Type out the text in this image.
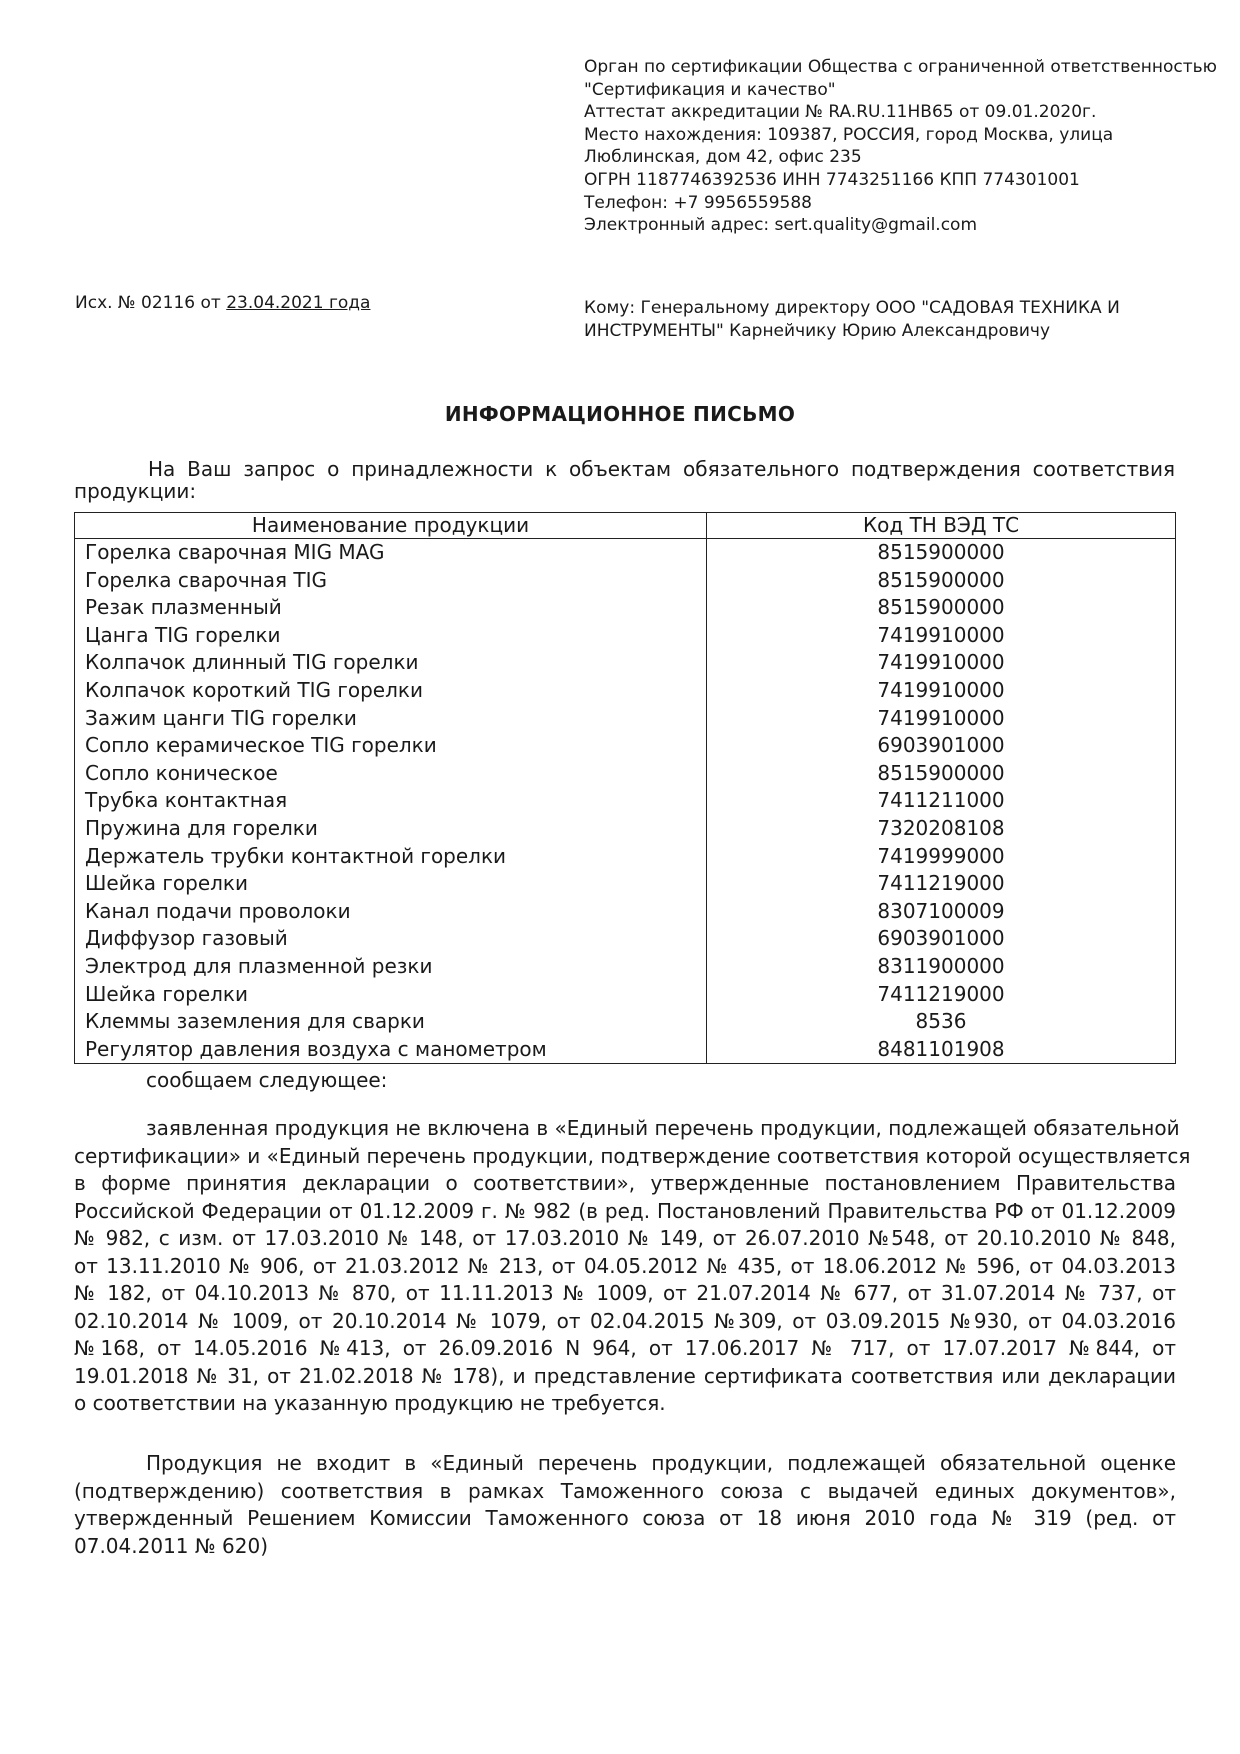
Орган по сертификации Общества с ограниченной ответственностью
"Сертификация и качество"
Аттестат аккредитации № RA.RU.11HB65 от 09.01.2020г.
Место нахождения: 109387, РОССИЯ, город Москва, улица
Люблинская, дом 42, офис 235
ОГРН 1187746392536 ИНН 7743251166 КПП 774301001
Телефон: +7 9956559588
Электронный адрес: sert.quality@gmail.com
Исх. № 02116 от 23.04.2021 года	Кому: Генеральному директору ООО "САДОВАЯ ТЕХНИКА И
ИНСТРУМЕНТЫ" Карнейчику Юрию Александровичу
ИНФОРМАЦИОННОЕ ПИСЬМО
На Ваш запрос о принадлежности к объектам обязательного подтверждения соответствия
продукции:
Наименование продукции	Код ТН ВЭД ТС
Горелка сварочная MIG MAG	8515900000
Горелка сварочная TIG	8515900000
Резак плазменный	8515900000
Цанга TIG горелки	7419910000
Колпачок длинный TIG горелки	7419910000
Колпачок короткий TIG горелки	7419910000
Зажим цанги TIG горелки	7419910000
Сопло керамическое TIG горелки	6903901000
Сопло коническое	8515900000
Трубка контактная	7411211000
Пружина для горелки	7320208108
Держатель трубки контактной горелки	7419999000
Шейка горелки	7411219000
Канал подачи проволоки	8307100009
Диффузор газовый	6903901000
Электрод для плазменной резки	8311900000
Шейка горелки	7411219000
Клеммы заземления для сварки	8536
Регулятор давления воздуха с манометром	8481101908
сообщаем следующее:
заявленная продукция не включена в «Единый перечень продукции, подлежащей обязательной
сертификации» и «Единый перечень продукции, подтверждение соответствия которой осуществляется
в форме принятия декларации о соответствии», утвержденные постановлением Правительства
Российской Федерации от 01.12.2009 г. № 982 (в ред. Постановлений Правительства РФ от 01.12.2009
№ 982, с изм. от 17.03.2010 № 148, от 17.03.2010 № 149, от 26.07.2010 №548, от 20.10.2010 № 848,
от 13.11.2010 № 906, от 21.03.2012 № 213, от 04.05.2012 № 435, от 18.06.2012 № 596, от 04.03.2013
№ 182, от 04.10.2013 № 870, от 11.11.2013 № 1009, от 21.07.2014 № 677, от 31.07.2014 № 737, от
02.10.2014 № 1009, от 20.10.2014 № 1079, от 02.04.2015 №309, от 03.09.2015 №930, от 04.03.2016
№168, от 14.05.2016 №413, от 26.09.2016 N 964, от 17.06.2017 № 717, от 17.07.2017 №844, от
19.01.2018 № 31, от 21.02.2018 № 178), и представление сертификата соответствия или декларации
о соответствии на указанную продукцию не требуется.
Продукция не входит в «Единый перечень продукции, подлежащей обязательной оценке
(подтверждению) соответствия в рамках Таможенного союза с выдачей единых документов»,
утвержденный Решением Комиссии Таможенного союза от 18 июня 2010 года № 319 (ред. от
07.04.2011 № 620)
